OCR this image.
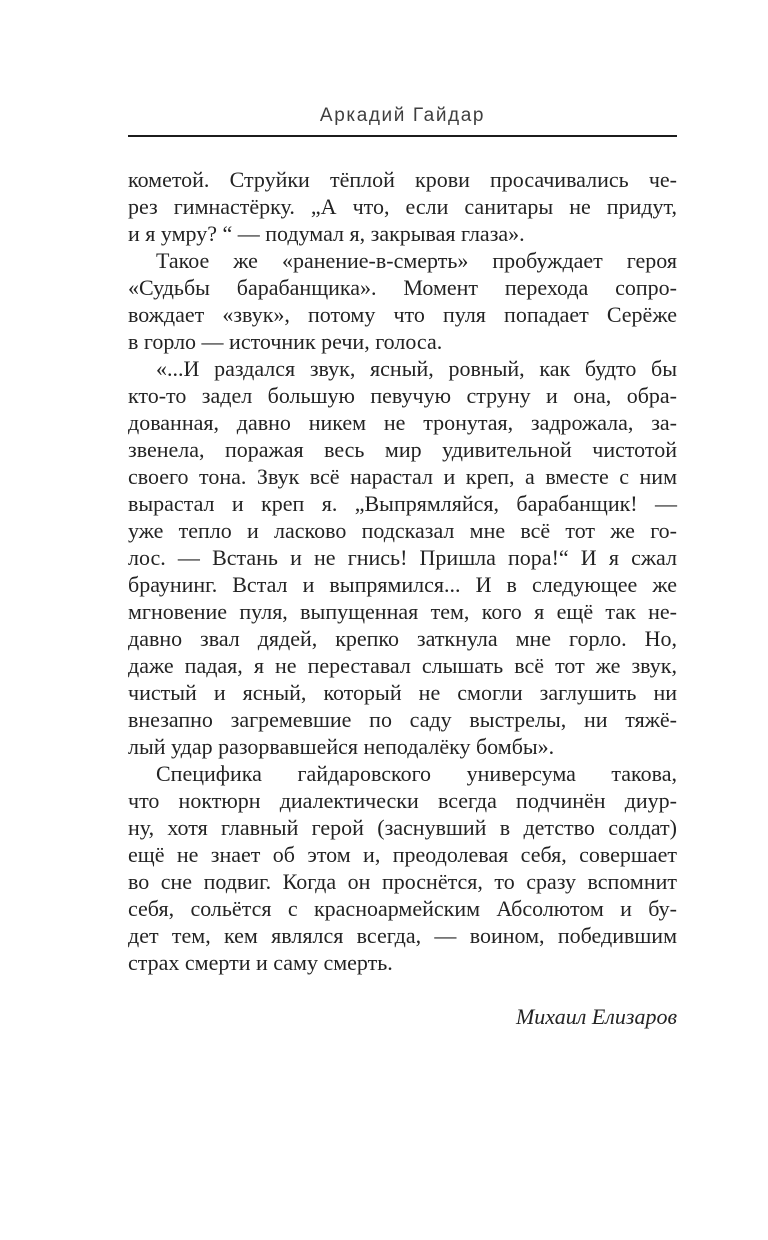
Аркадий Гайдар
кометой. Струйки тёплой крови просачивались че-
рез гимнастёрку. „А что, если санитары не придут,
и я умру? “ — подумал я, закрывая глаза».
Такое же «ранение-в-смерть» пробуждает героя
«Судьбы барабанщика». Момент перехода сопро-
вождает «звук», потому что пуля попадает Серёже
в горло — источник речи, голоса.
«...И раздался звук, ясный, ровный, как будто бы
кто-то задел большую певучую струну и она, обра-
дованная, давно никем не тронутая, задрожала, за-
звенела, поражая весь мир удивительной чистотой
своего тона. Звук всё нарастал и креп, а вместе с ним
вырастал и креп я. „Выпрямляйся, барабанщик! —
уже тепло и ласково подсказал мне всё тот же го-
лос. — Встань и не гнись! Пришла пора!“ И я сжал
браунинг. Встал и выпрямился... И в следующее же
мгновение пуля, выпущенная тем, кого я ещё так не-
давно звал дядей, крепко заткнула мне горло. Но,
даже падая, я не переставал слышать всё тот же звук,
чистый и ясный, который не смогли заглушить ни
внезапно загремевшие по саду выстрелы, ни тяжё-
лый удар разорвавшейся неподалёку бомбы».
Специфика гайдаровского универсума такова,
что ноктюрн диалектически всегда подчинён диур-
ну, хотя главный герой (заснувший в детство солдат)
ещё не знает об этом и, преодолевая себя, совершает
во сне подвиг. Когда он проснётся, то сразу вспомнит
себя, сольётся с красноармейским Абсолютом и бу-
дет тем, кем являлся всегда, — воином, победившим
страх смерти и саму смерть.
Михаил Елизаров
